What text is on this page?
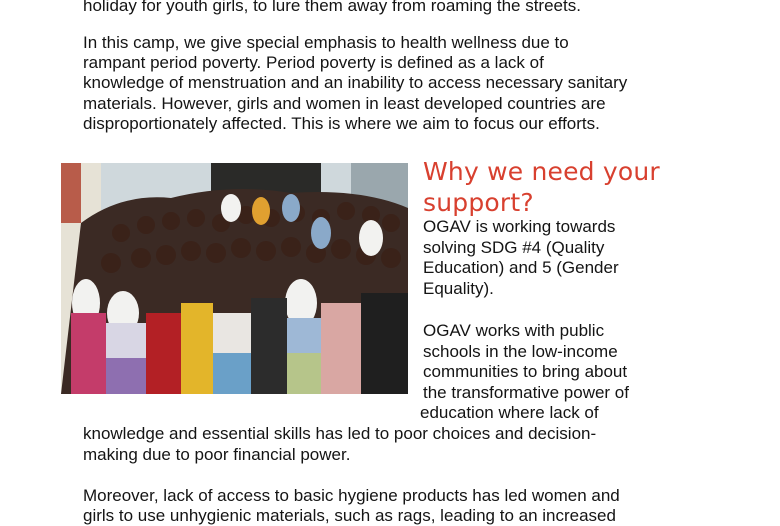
holiday for youth girls, to lure them away from roaming the streets.
In this camp, we give special emphasis to health wellness due to
rampant period poverty. Period poverty is defined as a lack of
knowledge of menstruation and an inability to access necessary sanitary
materials. However, girls and women in least developed countries are
disproportionately affected. This is where we aim to focus our efforts.
Why we need your
support?
OGAV is working towards
solving SDG #4 (Quality
Education) and 5 (Gender
Equality).
OGAV works with public
schools in the low-income
communities to bring about
the transformative power of
education where lack of
knowledge and essential skills has led to poor choices and decision-
making due to poor financial power.
Moreover, lack of access to basic hygiene products has led women and
girls to use unhygienic materials, such as rags, leading to an increased
